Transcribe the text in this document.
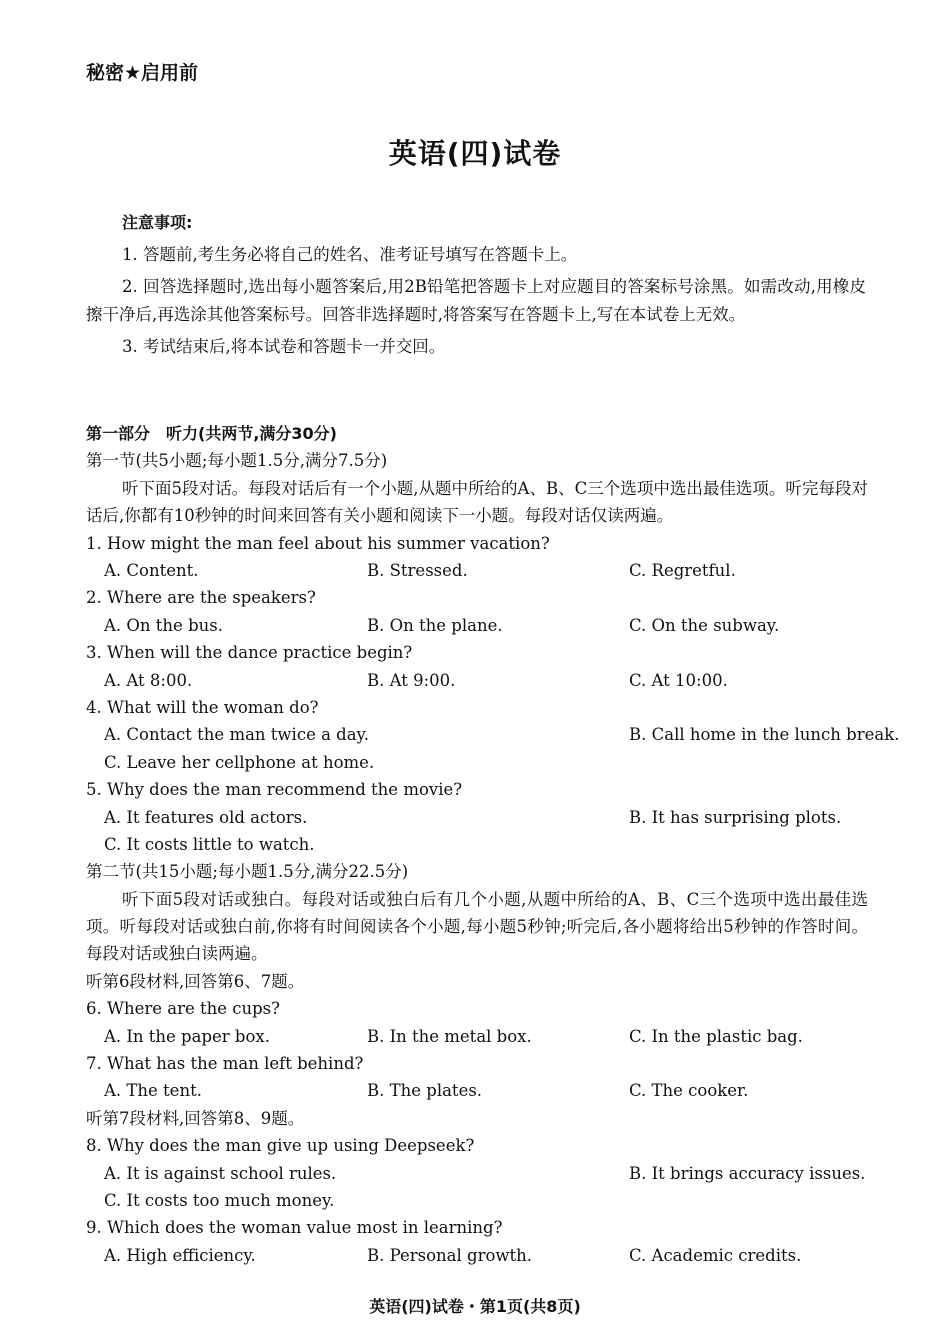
秘密★启用前
英语(四)试卷
注意事项:
1. 答题前,考生务必将自己的姓名、准考证号填写在答题卡上。
2. 回答选择题时,选出每小题答案后,用2B铅笔把答题卡上对应题目的答案标号涂黑。如需改动,用橡皮擦干净后,再选涂其他答案标号。回答非选择题时,将答案写在答题卡上,写在本试卷上无效。
3. 考试结束后,将本试卷和答题卡一并交回。
第一部分　听力(共两节,满分30分)
第一节(共5小题;每小题1.5分,满分7.5分)
听下面5段对话。每段对话后有一个小题,从题中所给的A、B、C三个选项中选出最佳选项。听完每段对话后,你都有10秒钟的时间来回答有关小题和阅读下一小题。每段对话仅读两遍。
1. How might the man feel about his summer vacation?
A. Content.	B. Stressed.	C. Regretful.
2. Where are the speakers?
A. On the bus.	B. On the plane.	C. On the subway.
3. When will the dance practice begin?
A. At 8:00.	B. At 9:00.	C. At 10:00.
4. What will the woman do?
A. Contact the man twice a day.	B. Call home in the lunch break.
C. Leave her cellphone at home.
5. Why does the man recommend the movie?
A. It features old actors.	B. It has surprising plots.
C. It costs little to watch.
第二节(共15小题;每小题1.5分,满分22.5分)
听下面5段对话或独白。每段对话或独白后有几个小题,从题中所给的A、B、C三个选项中选出最佳选项。听每段对话或独白前,你将有时间阅读各个小题,每小题5秒钟;听完后,各小题将给出5秒钟的作答时间。每段对话或独白读两遍。
听第6段材料,回答第6、7题。
6. Where are the cups?
A. In the paper box.	B. In the metal box.	C. In the plastic bag.
7. What has the man left behind?
A. The tent.	B. The plates.	C. The cooker.
听第7段材料,回答第8、9题。
8. Why does the man give up using Deepseek?
A. It is against school rules.	B. It brings accuracy issues.
C. It costs too much money.
9. Which does the woman value most in learning?
A. High efficiency.	B. Personal growth.	C. Academic credits.
英语(四)试卷・第1页(共8页)
